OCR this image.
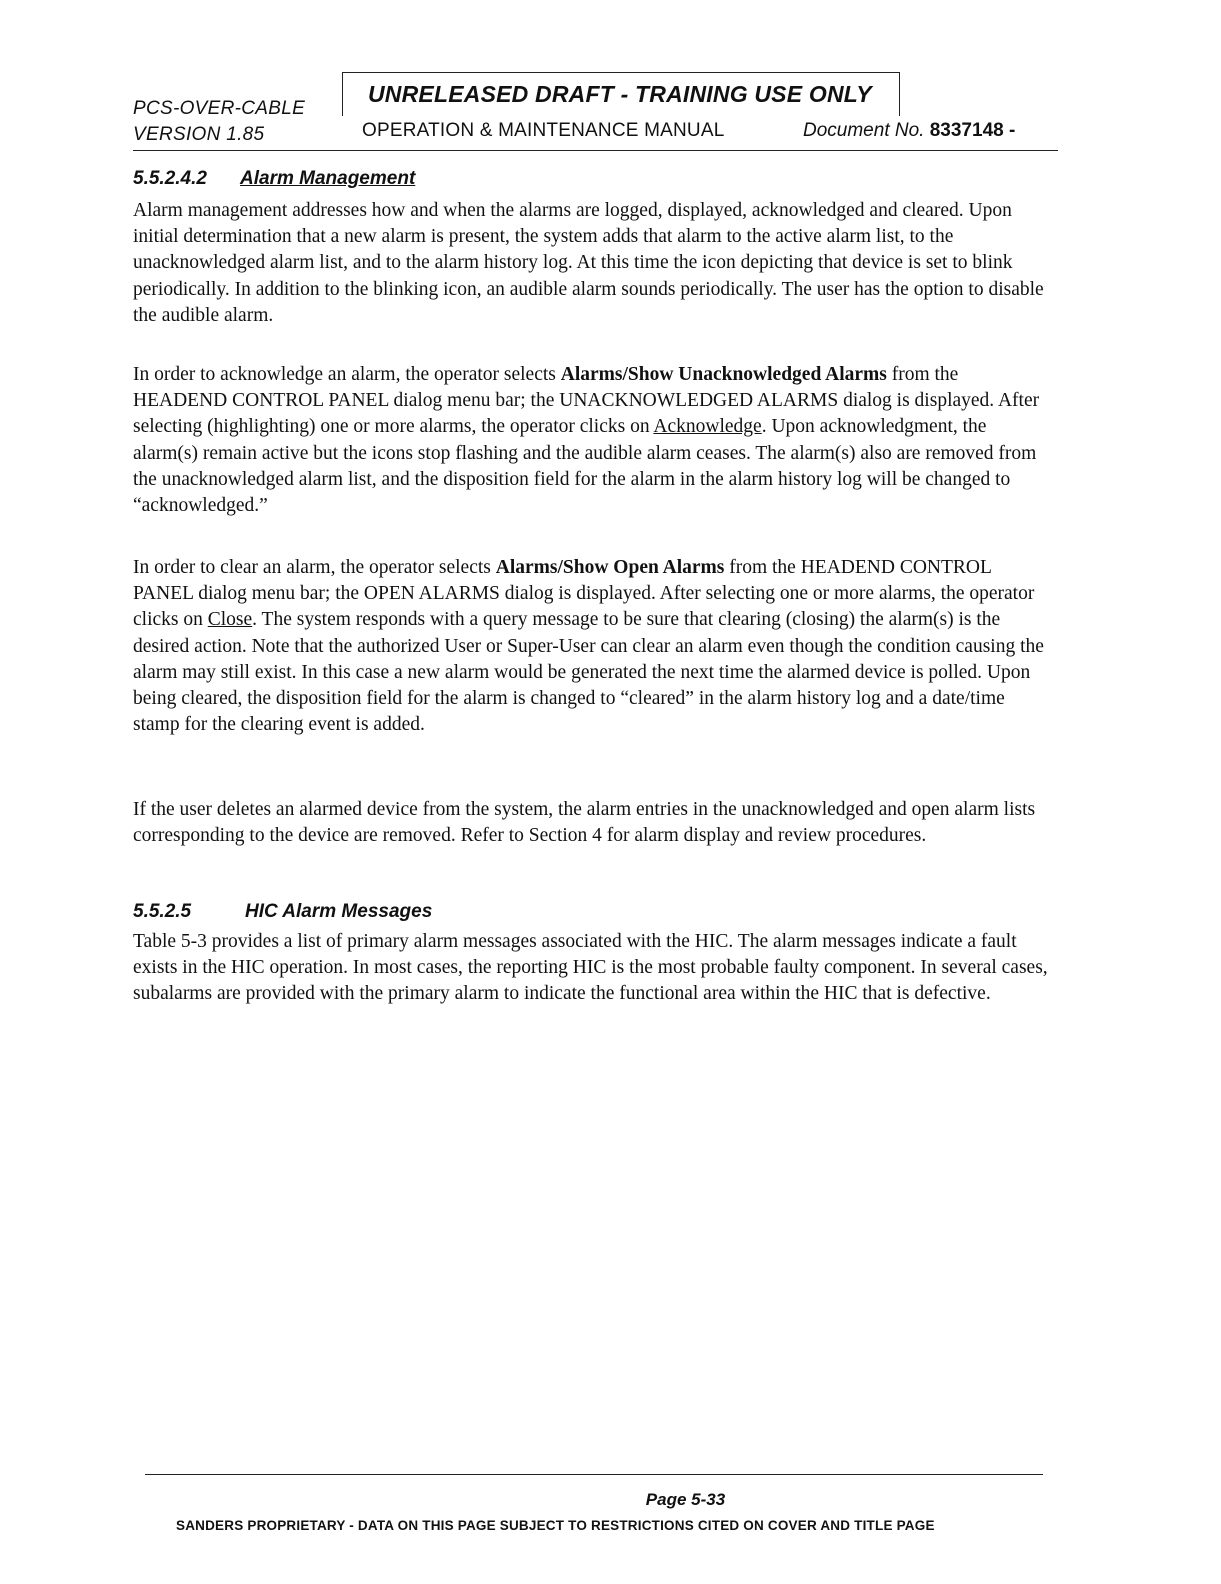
PCS-OVER-CABLE
VERSION 1.85
UNRELEASED DRAFT - TRAINING USE ONLY
OPERATION & MAINTENANCE MANUAL	Document No. 8337148 -
5.5.2.4.2 Alarm Management

Alarm management addresses how and when the alarms are logged, displayed, acknowledged and cleared. Upon initial determination that a new alarm is present, the system adds that alarm to the active alarm list, to the unacknowledged alarm list, and to the alarm history log. At this time the icon depicting that device is set to blink periodically. In addition to the blinking icon, an audible alarm sounds periodically. The user has the option to disable the audible alarm.

In order to acknowledge an alarm, the operator selects Alarms/Show Unacknowledged Alarms from the HEADEND CONTROL PANEL dialog menu bar; the UNACKNOWLEDGED ALARMS dialog is displayed. After selecting (highlighting) one or more alarms, the operator clicks on Acknowledge. Upon acknowledgment, the alarm(s) remain active but the icons stop flashing and the audible alarm ceases. The alarm(s) also are removed from the unacknowledged alarm list, and the disposition field for the alarm in the alarm history log will be changed to “acknowledged.”

In order to clear an alarm, the operator selects Alarms/Show Open Alarms from the HEADEND CONTROL PANEL dialog menu bar; the OPEN ALARMS dialog is displayed. After selecting one or more alarms, the operator clicks on Close. The system responds with a query message to be sure that clearing (closing) the alarm(s) is the desired action. Note that the authorized User or Super-User can clear an alarm even though the condition causing the alarm may still exist. In this case a new alarm would be generated the next time the alarmed device is polled. Upon being cleared, the disposition field for the alarm is changed to “cleared” in the alarm history log and a date/time stamp for the clearing event is added.

If the user deletes an alarmed device from the system, the alarm entries in the unacknowledged and open alarm lists corresponding to the device are removed. Refer to Section 4 for alarm display and review procedures.

5.5.2.5	HIC Alarm Messages

Table 5-3 provides a list of primary alarm messages associated with the HIC. The alarm messages indicate a fault exists in the HIC operation. In most cases, the reporting HIC is the most probable faulty component. In several cases, subalarms are provided with the primary alarm to indicate the functional area within the HIC that is defective.

Page 5-33
SANDERS PROPRIETARY - DATA ON THIS PAGE SUBJECT TO RESTRICTIONS CITED ON COVER AND TITLE PAGE
